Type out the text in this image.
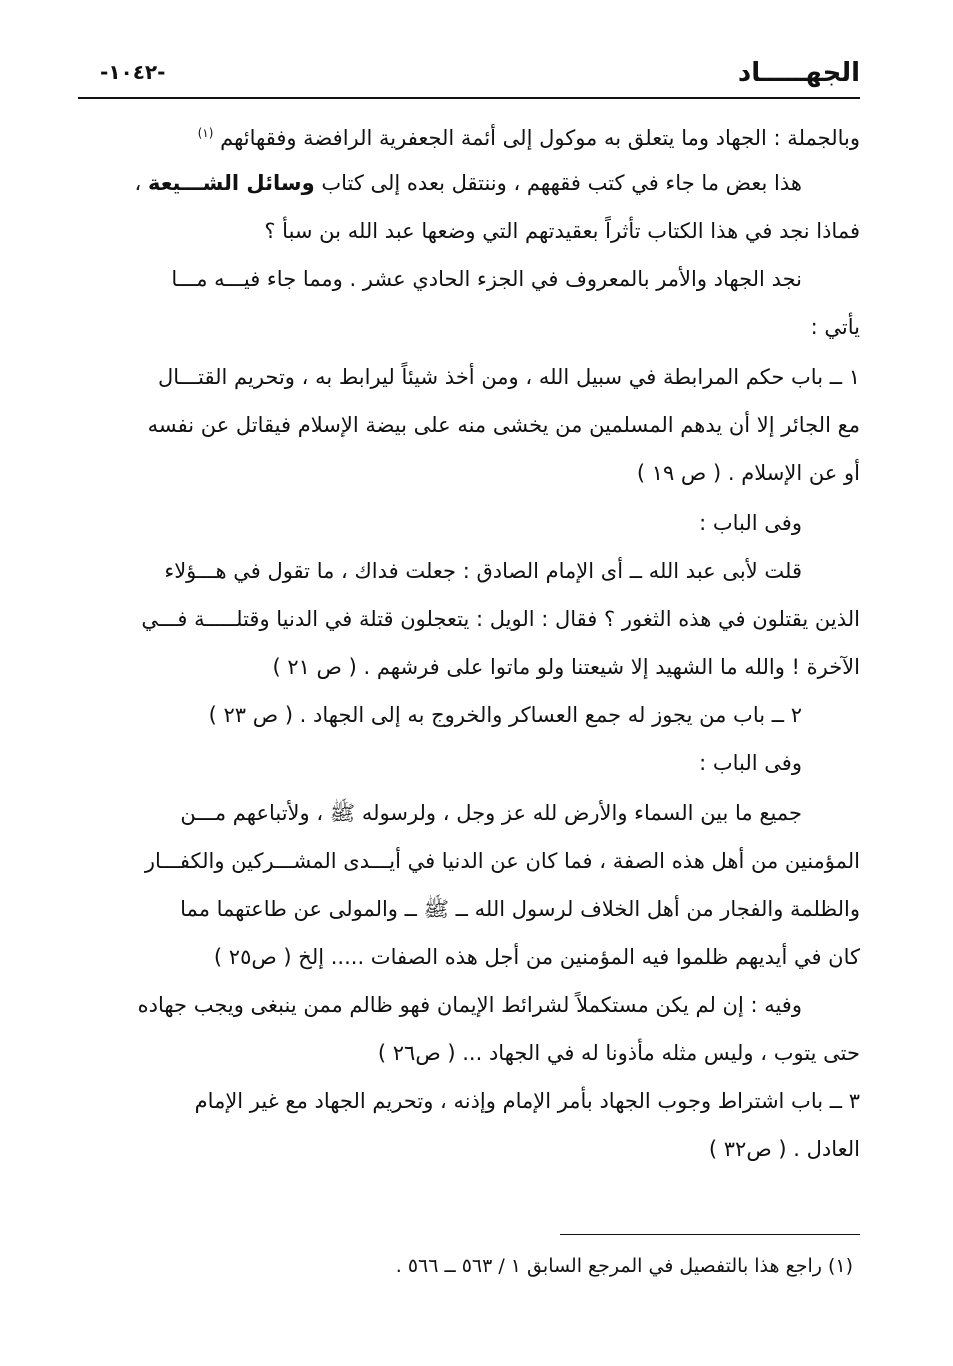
الجهـــــاد
-١٠٤٢-
وبالجملة : الجهاد وما يتعلق به موكول إلى أئمة الجعفرية الرافضة وفقهائهم $^{(١)}$
هذا بعض ما جاء في كتب فقههم ، وننتقل بعده إلى كتاب وسائل الشـــيعة ،
فماذا نجد في هذا الكتاب تأثراً بعقيدتهم التي وضعها عبد الله بن سبأ ؟
نجد الجهاد والأمر بالمعروف في الجزء الحادي عشر . ومما جاء فيـــه مـــا
يأتي :
١ ــ باب حكم المرابطة في سبيل الله ، ومن أخذ شيئاً ليرابط به ، وتحريم القتـــال
مع الجائر إلا أن يدهم المسلمين من يخشى منه على بيضة الإسلام فيقاتل عن نفسه
أو عن الإسلام . ( ص ١٩ )
وفى الباب :
قلت لأبى عبد الله ــ أى الإمام الصادق : جعلت فداك ، ما تقول في هـــؤلاء
الذين يقتلون في هذه الثغور ؟ فقال : الويل : يتعجلون قتلة في الدنيا وقتلـــــة فـــي
الآخرة ! والله ما الشهيد إلا شيعتنا ولو ماتوا على فرشهم . ( ص ٢١ )
٢ ــ باب من يجوز له جمع العساكر والخروج به إلى الجهاد . ( ص ٢٣ )
وفى الباب :
جميع ما بين السماء والأرض لله عز وجل ، ولرسوله ﷺ ، ولأتباعهم مـــن
المؤمنين من أهل هذه الصفة ، فما كان عن الدنيا في أيـــدى المشـــركين والكفـــار
والظلمة والفجار من أهل الخلاف لرسول الله ــ ﷺ ــ والمولى عن طاعتهما مما
كان في أيديهم ظلموا فيه المؤمنين من أجل هذه الصفات ..... إلخ ( ص٢٥ )
وفيه : إن لم يكن مستكملاً لشرائط الإيمان فهو ظالم ممن ينبغى ويجب جهاده
حتى يتوب ، وليس مثله مأذونا له في الجهاد ... ( ص٢٦ )
٣ ــ باب اشتراط وجوب الجهاد بأمر الإمام وإذنه ، وتحريم الجهاد مع غير الإمام
العادل . ( ص٣٢ )
(١) راجع هذا بالتفصيل في المرجع السابق ١ / ٥٦٣ ــ ٥٦٦ .
